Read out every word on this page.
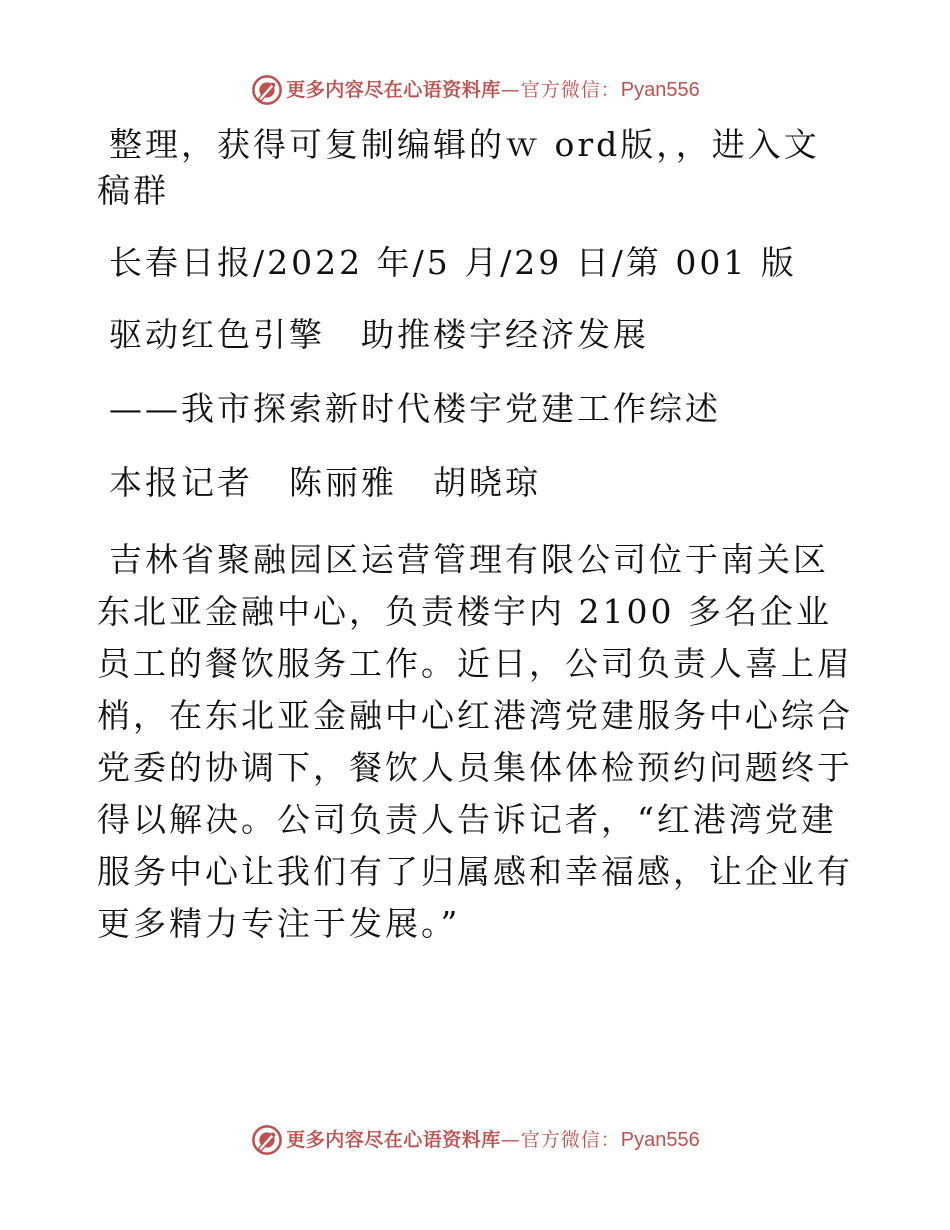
更多内容尽在心语资料库 — 官方微信： Pyan556

整理，获得可复制编辑的ｗ ord版，，进入文稿群

长春日报/2022 年/5 月/29 日/第 001 版

驱动红色引擎　助推楼宇经济发展

——我市探索新时代楼宇党建工作综述

本报记者　陈丽雅　胡晓琼

吉林省聚融园区运营管理有限公司位于南关区东北亚金融中心，负责楼宇内 2100 多名企业员工的餐饮服务工作。近日，公司负责人喜上眉梢，在东北亚金融中心红港湾党建服务中心综合党委的协调下，餐饮人员集体体检预约问题终于得以解决。公司负责人告诉记者，“红港湾党建服务中心让我们有了归属感和幸福感，让企业有更多精力专注于发展。”

更多内容尽在心语资料库 — 官方微信： Pyan556
